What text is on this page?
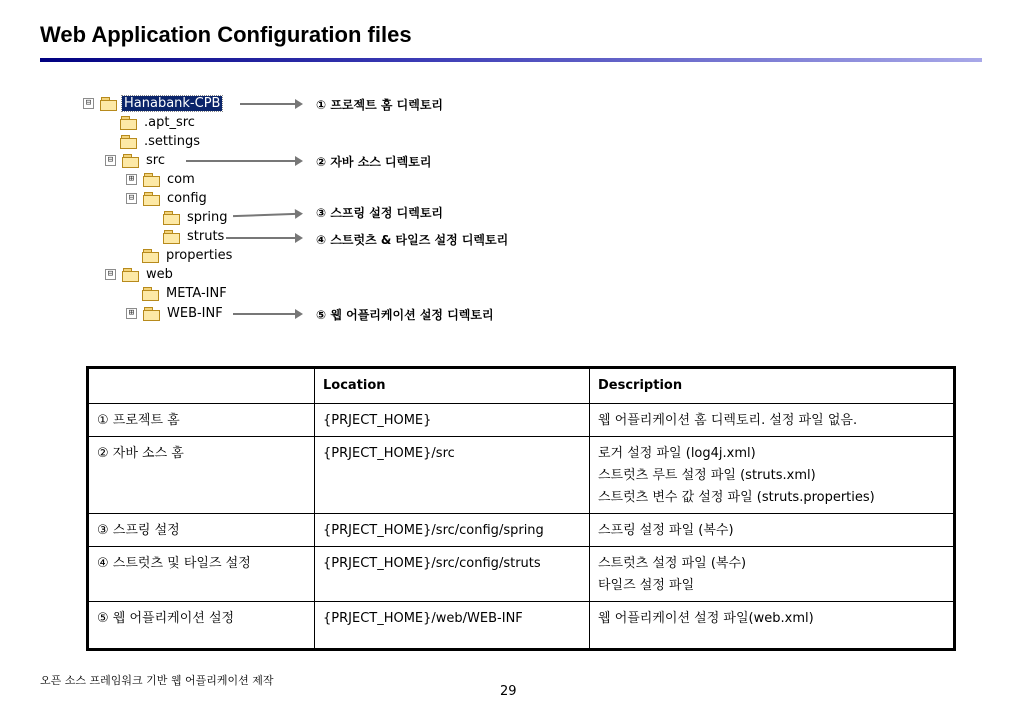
Web Application Configuration files
⊟	Hanabank-CPB
.apt_src
.settings
⊟	src
⊞	com
⊟	config
spring
struts
properties
⊟	web
META-INF
⊞	WEB-INF
① 프로젝트 홈 디렉토리
② 자바 소스 디렉토리
③ 스프링 설정 디렉토리
④ 스트럿츠 & 타일즈 설정 디렉토리
⑤ 웹 어플리케이션 설정 디렉토리
	Location	Description
① 프로젝트 홈	{PRJECT_HOME}	웹 어플리케이션 홈 디렉토리. 설정 파일 없음.

② 자바 소스 홈	{PRJECT_HOME}/src	로거 설정 파일 (log4j.xml)
스트럿츠 루트 설정 파일 (struts.xml)
스트럿츠 변수 값 설정 파일 (struts.properties)

③ 스프링 설정	{PRJECT_HOME}/src/config/spring	스프링 설정 파일 (복수)

④ 스트럿츠 및 타일즈 설정	{PRJECT_HOME}/src/config/struts	스트럿츠 설정 파일 (복수)
타일즈 설정 파일

⑤ 웹 어플리케이션 설정	{PRJECT_HOME}/web/WEB-INF	웹 어플리케이션 설정 파일(web.xml)
오픈 소스 프레임워크 기반 웹 어플리케이션 제작
29
